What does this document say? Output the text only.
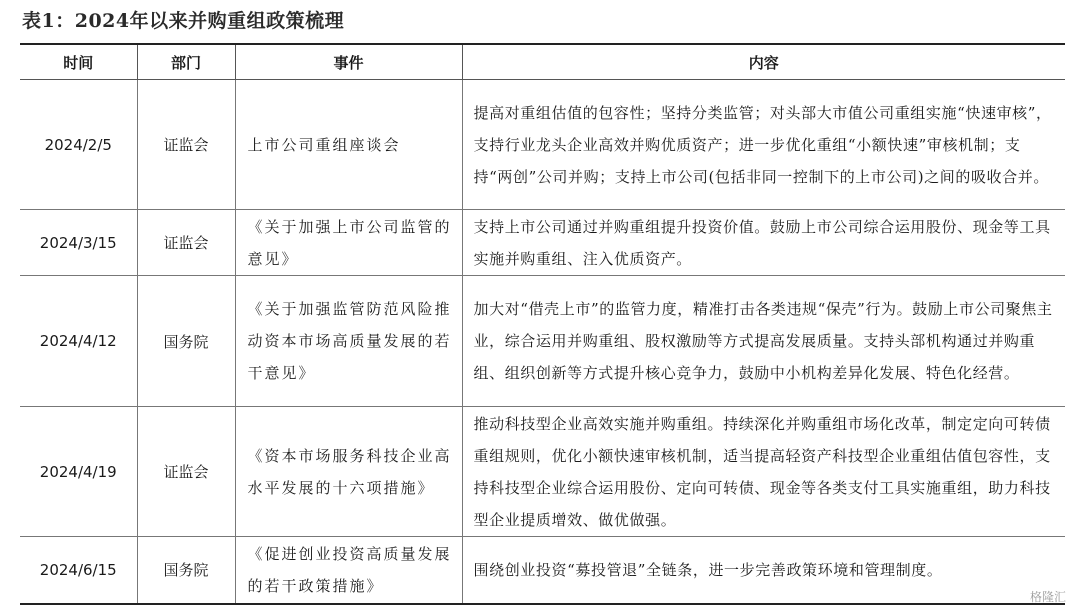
表1：2024年以来并购重组政策梳理
时间	部门	事件	内容
2024/2/5	证监会	上市公司重组座谈会	提高对重组估值的包容性；坚持分类监管；对头部大市值公司重组实施“快速审核”，支持行业龙头企业高效并购优质资产；进一步优化重组“小额快速”审核机制；支持“两创”公司并购；支持上市公司(包括非同一控制下的上市公司)之间的吸收合并。
2024/3/15	证监会	《关于加强上市公司监管的意见》	支持上市公司通过并购重组提升投资价值。鼓励上市公司综合运用股份、现金等工具实施并购重组、注入优质资产。
2024/4/12	国务院	《关于加强监管防范风险推动资本市场高质量发展的若干意见》	加大对“借壳上市”的监管力度，精准打击各类违规“保壳”行为。鼓励上市公司聚焦主业，综合运用并购重组、股权激励等方式提高发展质量。支持头部机构通过并购重组、组织创新等方式提升核心竞争力，鼓励中小机构差异化发展、特色化经营。
2024/4/19	证监会	《资本市场服务科技企业高水平发展的十六项措施》	推动科技型企业高效实施并购重组。持续深化并购重组市场化改革，制定定向可转债重组规则，优化小额快速审核机制，适当提高轻资产科技型企业重组估值包容性，支持科技型企业综合运用股份、定向可转债、现金等各类支付工具实施重组，助力科技型企业提质增效、做优做强。
2024/6/15	国务院	《促进创业投资高质量发展的若干政策措施》	围绕创业投资“募投管退”全链条，进一步完善政策环境和管理制度。
格隆汇
